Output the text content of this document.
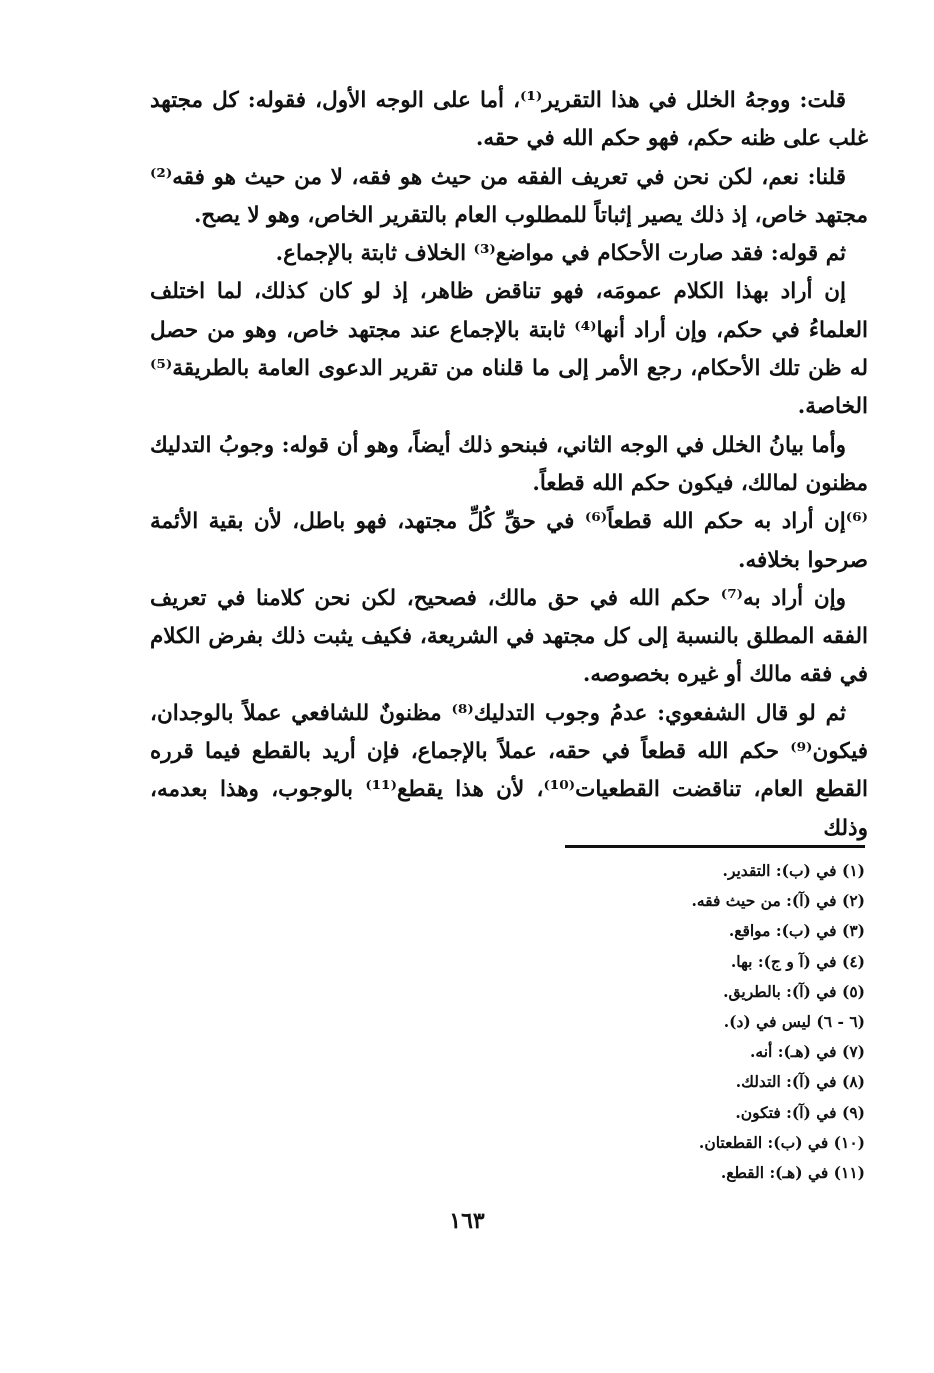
قلت: ووجهُ الخلل في هذا التقرير⁽¹⁾، أما على الوجه الأول، فقوله: كل مجتهد غلب على ظنه حكم، فهو حكم الله في حقه.

قلنا: نعم، لكن نحن في تعريف الفقه من حيث هو فقه، لا من حيث هو فقه⁽²⁾ مجتهد خاص، إذ ذلك يصير إثباتاً للمطلوب العام بالتقرير الخاص، وهو لا يصح.

ثم قوله: فقد صارت الأحكام في مواضع⁽³⁾ الخلاف ثابتة بالإجماع.

إن أراد بهذا الكلام عمومَه، فهو تناقض ظاهر، إذ لو كان كذلك، لما اختلف العلماءُ في حكم، وإن أراد أنها⁽⁴⁾ ثابتة بالإجماع عند مجتهد خاص، وهو من حصل له ظن تلك الأحكام، رجع الأمر إلى ما قلناه من تقرير الدعوى العامة بالطريقة⁽⁵⁾ الخاصة.

وأما بيانُ الخلل في الوجه الثاني، فبنحو ذلك أيضاً، وهو أن قوله: وجوبُ التدليك مظنون لمالك، فيكون حكم الله قطعاً.

⁽⁶⁾إن أراد به حكم الله قطعاً⁽⁶⁾ في حقِّ كُلِّ مجتهد، فهو باطل، لأن بقية الأئمة صرحوا بخلافه.

وإن أراد به⁽⁷⁾ حكم الله في حق مالك، فصحيح، لكن نحن كلامنا في تعريف الفقه المطلق بالنسبة إلى كل مجتهد في الشريعة، فكيف يثبت ذلك بفرض الكلام في فقه مالك أو غيره بخصوصه.

ثم لو قال الشفعوي: عدمُ وجوب التدليك⁽⁸⁾ مظنونٌ للشافعي عملاً بالوجدان، فيكون⁽⁹⁾ حكم الله قطعاً في حقه، عملاً بالإجماع، فإن أريد بالقطع فيما قرره القطع العام، تناقضت القطعيات⁽¹⁰⁾، لأن هذا يقطع⁽¹¹⁾ بالوجوب، وهذا بعدمه، وذلك

(١) في (ب): التقدير.
(٢) في (آ): من حيث فقه.
(٣) في (ب): مواقع.
(٤) في (آ و ج): بها.
(٥) في (آ): بالطريق.
(٦ - ٦) ليس في (د).
(٧) في (هـ): أنه.
(٨) في (آ): التدلك.
(٩) في (آ): فتكون.
(١٠) في (ب): القطعتان.
(١١) في (هـ): القطع.
١٦٣
